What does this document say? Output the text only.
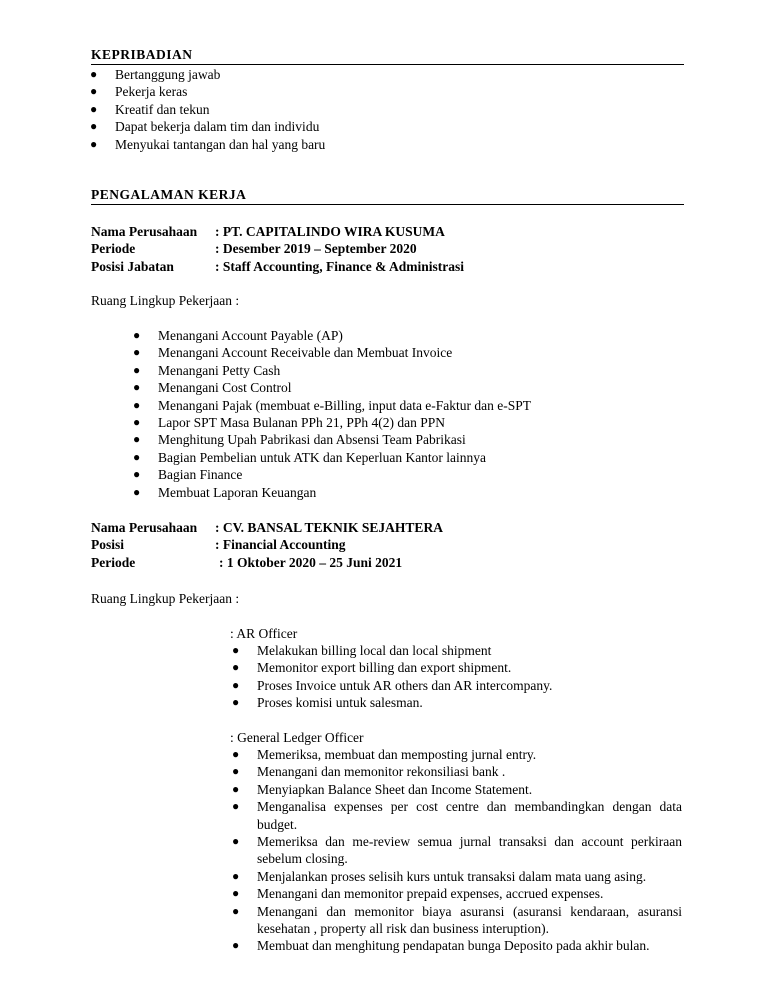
KEPRIBADIAN
● Bertanggung jawab
● Pekerja keras
● Kreatif dan tekun
● Dapat bekerja dalam tim dan individu
● Menyukai tantangan dan hal yang baru
PENGALAMAN KERJA
Nama Perusahaan	: PT. CAPITALINDO WIRA KUSUMA
Periode	: Desember 2019 – September 2020
Posisi Jabatan	: Staff Accounting, Finance & Administrasi
Ruang Lingkup Pekerjaan :
● Menangani Account Payable (AP)
● Menangani Account Receivable dan Membuat Invoice
● Menangani Petty Cash
● Menangani Cost Control
● Menangani Pajak (membuat e-Billing, input data e-Faktur dan e-SPT
● Lapor SPT Masa Bulanan PPh 21, PPh 4(2) dan PPN
● Menghitung Upah Pabrikasi dan Absensi Team Pabrikasi
● Bagian Pembelian untuk ATK dan Keperluan Kantor lainnya
● Bagian Finance
● Membuat Laporan Keuangan
Nama Perusahaan	: CV. BANSAL TEKNIK SEJAHTERA
Posisi	: Financial Accounting
Periode	: 1 Oktober 2020 – 25 Juni 2021
Ruang Lingkup Pekerjaan :
: AR Officer
● Melakukan billing local dan local shipment
● Memonitor export billing dan export shipment.
● Proses Invoice untuk AR others dan AR intercompany.
● Proses komisi untuk salesman.
: General Ledger Officer
● Memeriksa, membuat dan memposting jurnal entry.
● Menangani dan memonitor rekonsiliasi bank .
● Menyiapkan Balance Sheet dan Income Statement.
● Menganalisa expenses per cost centre dan membandingkan dengan data budget.
● Memeriksa dan me-review semua jurnal transaksi dan account perkiraan sebelum closing.
● Menjalankan proses selisih kurs untuk transaksi dalam mata uang asing.
● Menangani dan memonitor prepaid expenses, accrued expenses.
● Menangani dan memonitor biaya asuransi (asuransi kendaraan, asuransi kesehatan , property all risk dan business interuption).
● Membuat dan menghitung pendapatan bunga Deposito pada akhir bulan.
